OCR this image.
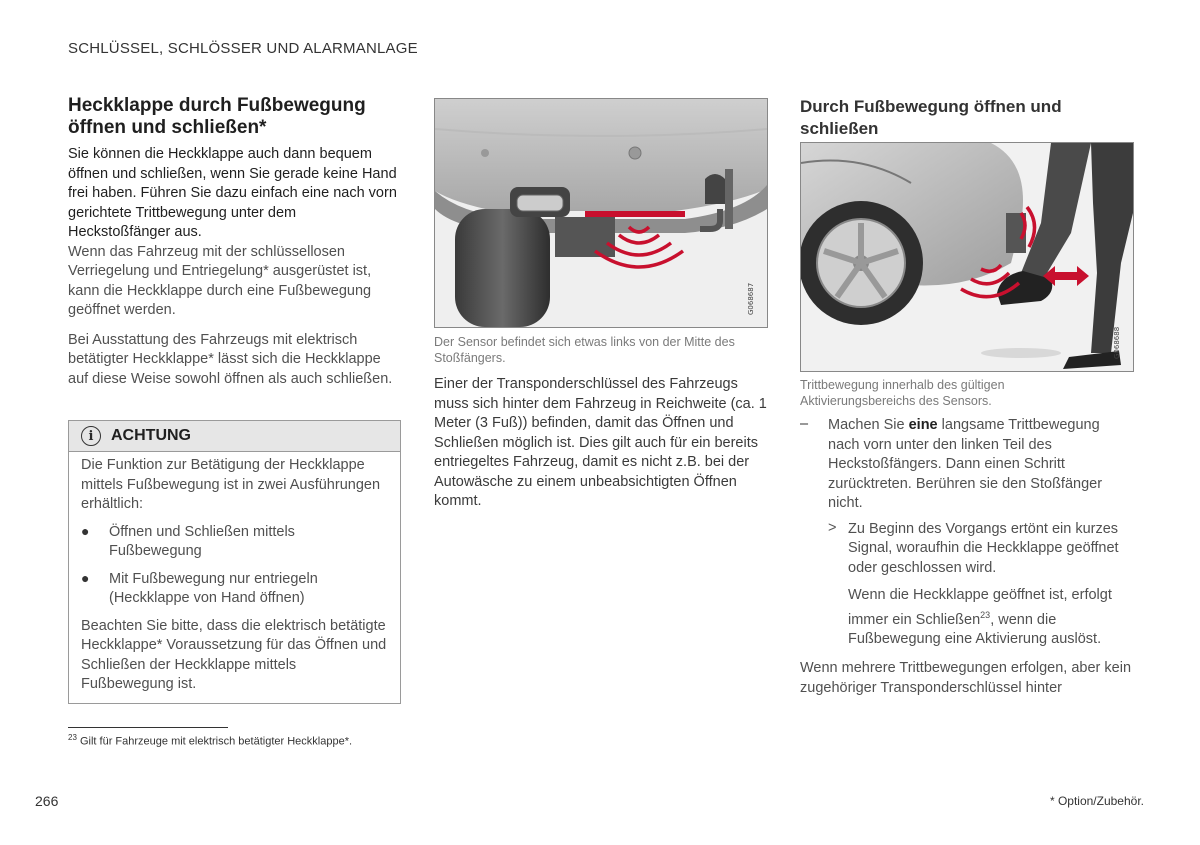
SCHLÜSSEL, SCHLÖSSER UND ALARMANLAGE
Heckklappe durch Fußbewegung öffnen und schließen*

Sie können die Heckklappe auch dann bequem öffnen und schließen, wenn Sie gerade keine Hand frei haben. Führen Sie dazu einfach eine nach vorn gerichtete Trittbewegung unter dem Heckstoßfänger aus.

Wenn das Fahrzeug mit der schlüssellosen Verriegelung und Entriegelung* ausgerüstet ist, kann die Heckklappe durch eine Fußbewegung geöffnet werden.

Bei Ausstattung des Fahrzeugs mit elektrisch betätigter Heckklappe* lässt sich die Heckklappe auf diese Weise sowohl öffnen als auch schließen.

i	ACHTUNG

Die Funktion zur Betätigung der Heckklappe mittels Fußbewegung ist in zwei Ausführungen erhältlich:

●	Öffnen und Schließen mittels Fußbewegung
●	Mit Fußbewegung nur entriegeln (Heckklappe von Hand öffnen)

Beachten Sie bitte, dass die elektrisch betätigte Heckklappe* Voraussetzung für das Öffnen und Schließen der Heckklappe mittels Fußbewegung ist.

G068687
Der Sensor befindet sich etwas links von der Mitte des Stoßfängers.
Einer der Transponderschlüssel des Fahrzeugs muss sich hinter dem Fahrzeug in Reichweite (ca. 1 Meter (3 Fuß)) befinden, damit das Öffnen und Schließen möglich ist. Dies gilt auch für ein bereits entriegeltes Fahrzeug, damit es nicht z.B. bei der Autowäsche zu einem unbeabsichtigten Öffnen kommt.
Durch Fußbewegung öffnen und schließen
G068688
Trittbewegung innerhalb des gültigen Aktivierungsbereichs des Sensors.
–	Machen Sie eine langsame Trittbewegung nach vorn unter den linken Teil des Heckstoßfängers. Dann einen Schritt zurücktreten. Berühren sie den Stoßfänger nicht.
> Zu Beginn des Vorgangs ertönt ein kurzes Signal, woraufhin die Heckklappe geöffnet oder geschlossen wird.
Wenn die Heckklappe geöffnet ist, erfolgt immer ein Schließen$^{23}$, wenn die Fußbewegung eine Aktivierung auslöst.

Wenn mehrere Trittbewegungen erfolgen, aber kein zugehöriger Transponderschlüssel hinter

$^{23}$ Gilt für Fahrzeuge mit elektrisch betätigter Heckklappe*.
266	* Option/Zubehör.
